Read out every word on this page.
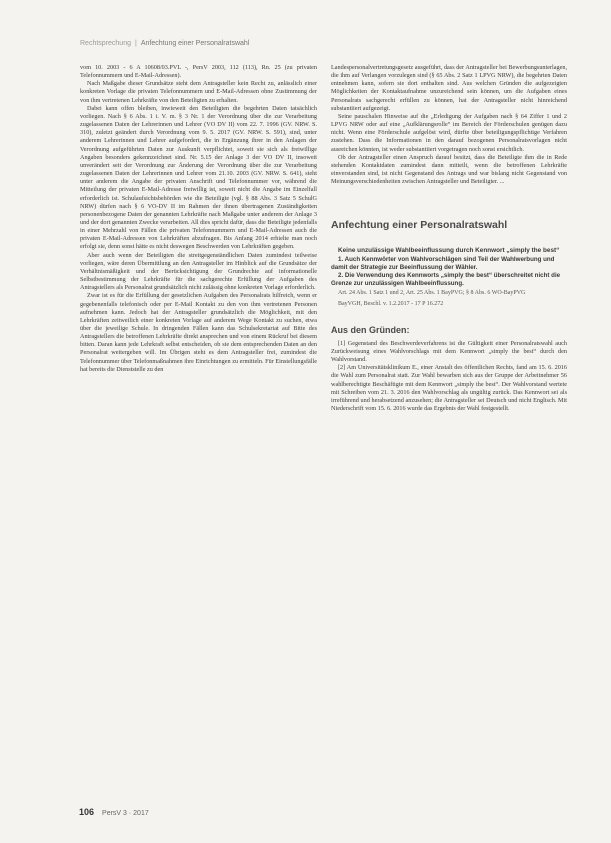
Rechtsprechung | Anfechtung einer Personalratswahl

vom 10. 2003 - 6 A 10608/03.PVL -, PersV 2003, 112 (113), Rn. 25 (zu privaten Telefonnummern und E-Mail-Adressen).

Nach Maßgabe dieser Grundsätze steht dem Antragsteller kein Recht zu, anlässlich einer konkreten Vorlage die privaten Telefonnummern und E-Mail-Adressen ohne Zustimmung der von ihm vertretenen Lehrkräfte von den Beteiligten zu erhalten.

Dabei kann offen bleiben, inwieweit den Beteiligten die begehrten Daten tatsächlich vorliegen. Nach § 6 Abs. 1 i. V. m. § 3 Nr. 1 der Verordnung über die zur Verarbeitung zugelassenen Daten der Lehrerinnen und Lehrer (VO DV II) vom 22. 7. 1996 (GV. NRW. S. 310), zuletzt geändert durch Verordnung vom 9. 5. 2017 (GV. NRW. S. 591), sind, unter anderem Lehrerinnen und Lehrer aufgefordert, die in Ergänzung ihrer in den Anlagen der Verordnung aufgeführten Daten zur Auskunft verpflichtet, soweit sie sich als freiwillige Angaben besonders gekennzeichnet sind. Nr. 5.15 der Anlage 3 der VO DV II, insoweit unverändert seit der Verordnung zur Änderung der Verordnung über die zur Verarbeitung zugelassenen Daten der Lehrerinnen und Lehrer vom 21.10. 2003 (GV. NRW. S. 641), sieht unter anderem die Angabe der privaten Anschrift und Telefonnummer vor, während die Mitteilung der privaten E-Mail-Adresse freiwillig ist, soweit nicht die Angabe im Einzelfall erforderlich ist. Schulaufsichtsbehörden wie die Beteiligte (vgl. § 88 Abs. 3 Satz 5 SchulG NRW) dürfen nach § 6 VO-DV II im Rahmen der ihnen übertragenen Zuständigkeiten personenbezogene Daten der genannten Lehrkräfte nach Maßgabe unter anderem der Anlage 3 und der dort genannten Zwecke verarbeiten. All dies spricht dafür, dass die Beteiligte jedenfalls in einer Mehrzahl von Fällen die privaten Telefonnummern und E-Mail-Adressen auch die privaten E-Mail-Adressen von Lehrkräften abzufragen. Bis Anfang 2014 erhielte man noch erfolgt sie, denn sonst hätte es nicht deswegen Beschwerden von Lehrkräften gegeben.

Aber auch wenn der Beteiligten die streitgegenständlichen Daten zumindest teilweise vorliegen, wäre deren Übermittlung an den Antragsteller im Hinblick auf die Grundsätze der Verhältnismäßigkeit und der Berücksichtigung der Grundrechte auf informationelle Selbstbestimmung der Lehrkräfte für die sachgerechte Erfüllung der Aufgaben des Antragstellers als Personalrat grundsätzlich nicht zulässig ohne konkreten Vorlage erforderlich.

Zwar ist es für die Erfüllung der gesetzlichen Aufgaben des Personalrats hilfreich, wenn er gegebenenfalls telefonisch oder per E-Mail Kontakt zu den von ihm vertretenen Personen aufnehmen kann. Jedoch hat der Antragsteller grundsätzlich die Möglichkeit, mit den Lehrkräften zeitweilich einer konkreten Vorlage auf anderem Wege Kontakt zu suchen, etwa über die jeweilige Schule. In dringenden Fällen kann das Schulsekretariat auf Bitte des Antragstellers die betroffenen Lehrkräfte direkt ansprechen und von einem Rückruf bei diesem bitten. Daran kann jede Lehrkraft selbst entscheiden, ob sie dem entsprechenden Daten an den Personalrat weitergeben will. Im Übrigen steht es dem Antragsteller frei, zumindest die Telefonnummer über Telefonmaßnahmen ihre Einrichtungen zu ermitteln. Für Einstellungsfälle hat bereits die Dienststelle zu den

Landespersonalvertretungsgesetz ausgeführt, dass der Antragsteller bei Bewerbungsunterlagen, die ihm auf Verlangen vorzulegen sind (§ 65 Abs. 2 Satz 1 LPVG NRW), die begehrten Daten entnehmen kann, sofern sie dort enthalten sind. Aus welchen Gründen die aufgezeigten Möglichkeiten der Kontaktaufnahme unzureichend sein können, um die Aufgaben eines Personalrats sachgerecht erfüllen zu können, hat der Antragsteller nicht hinreichend substantiiert aufgezeigt.

Seine pauschalen Hinweise auf die „Erledigung der Aufgaben nach § 64 Ziffer 1 und 2 LPVG NRW oder auf eine „Aufklärungsrolle“ im Bereich der Förderschulen genügen dazu nicht. Wenn eine Förderschule aufgelöst wird, dürfte über beteiligungspflichtige Verfahren zustehen. Dass die Informationen in den darauf bezogenen Personalratsvorlagen nicht ausreichen könnten, ist weder substantiiert vorgetragen noch sonst ersichtlich.

Ob der Antragsteller einen Anspruch darauf besitzt, dass die Beteiligte ihm die in Rede stehenden Kontaktdaten zumindest dann mitteilt, wenn die betroffenen Lehrkräfte einverstanden sind, ist nicht Gegenstand des Antrags und war bislang nicht Gegenstand von Meinungsverschiedenheiten zwischen Antragsteller und Beteiligter. ...

Anfechtung einer Personalratswahl

Keine unzulässige Wahlbeeinflussung durch Kennwort „simply the best“

1. Auch Kennwörter von Wahlvorschlägen sind Teil der Wahlwerbung und damit der Strategie zur Beeinflussung der Wähler.

2. Die Verwendung des Kennworts „simply the best“ überschreitet nicht die Grenze zur unzulässigen Wahlbeeinflussung.

Art. 24 Abs. 1 Satz 1 und 2, Art. 25 Abs. 1 BayPVG; § 8 Abs. 6 WO-BayPVG

BayVGH, Beschl. v. 1.2.2017 - 17 P 16.272

Aus den Gründen:

[1] Gegenstand des Beschwerdeverfahrens ist die Gültigkeit einer Personalratswahl auch Zurückweisung eines Wahlvorschlags mit dem Kennwort „simply the best“ durch den Wahlvorstand.

[2] Am Universitätsklinikum E., einer Anstalt des öffentlichen Rechts, fand am 15. 6. 2016 die Wahl zum Personalrat statt. Zur Wahl bewarben sich aus der Gruppe der Arbeitnehmer 56 wahlberechtigte Beschäftigte mit dem Kennwort „simply the best“. Der Wahlvorstand wertete mit Schreiben vom 21. 3. 2016 den Wahlvorschlag als ungültig zurück. Das Kennwort sei als irreführend und herabsetzend anzusehen; die Antragsteller sei Deutsch und nicht Englisch. Mit Niederschrift vom 15. 6. 2016 wurde das Ergebnis der Wahl festgestellt.

106 PersV 3 · 2017
